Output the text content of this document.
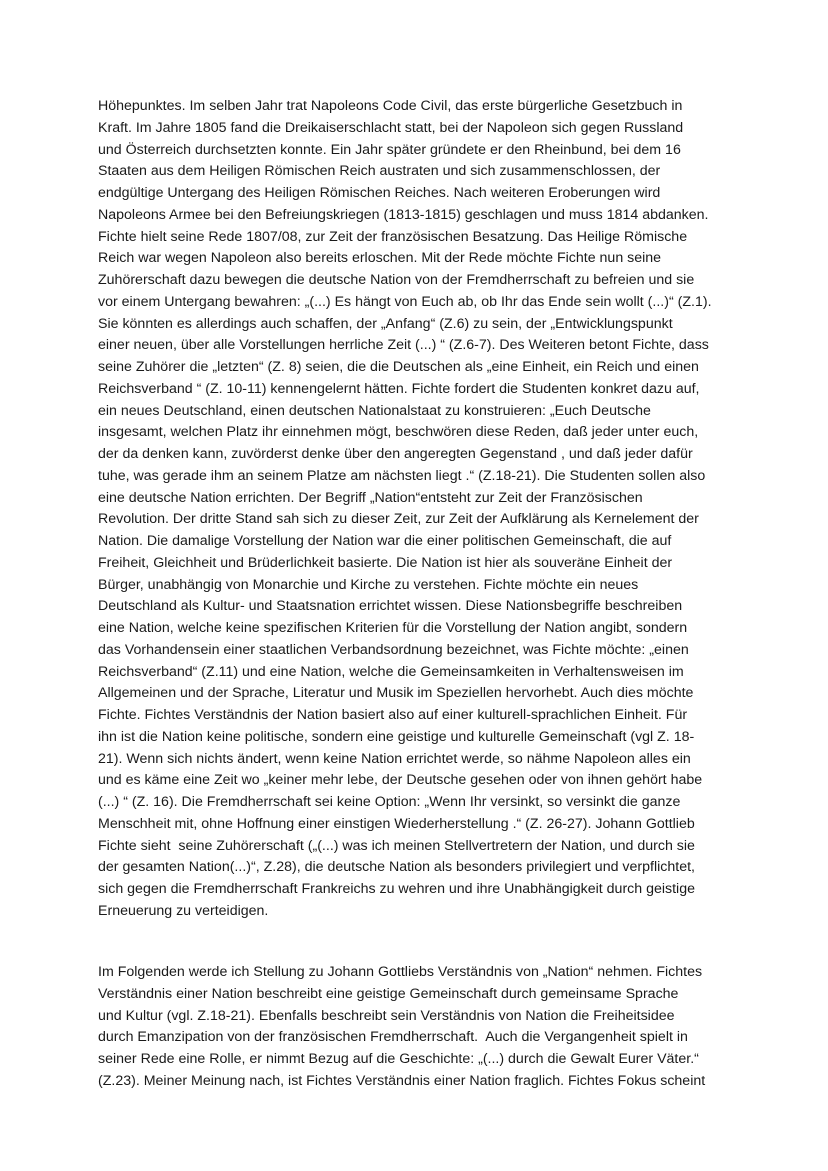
Höhepunktes. Im selben Jahr trat Napoleons Code Civil, das erste bürgerliche Gesetzbuch in
Kraft. Im Jahre 1805 fand die Dreikaiserschlacht statt, bei der Napoleon sich gegen Russland
und Österreich durchsetzten konnte. Ein Jahr später gründete er den Rheinbund, bei dem 16
Staaten aus dem Heiligen Römischen Reich austraten und sich zusammenschlossen, der
endgültige Untergang des Heiligen Römischen Reiches. Nach weiteren Eroberungen wird
Napoleons Armee bei den Befreiungskriegen (1813-1815) geschlagen und muss 1814 abdanken.
Fichte hielt seine Rede 1807/08, zur Zeit der französischen Besatzung. Das Heilige Römische
Reich war wegen Napoleon also bereits erloschen. Mit der Rede möchte Fichte nun seine
Zuhörerschaft dazu bewegen die deutsche Nation von der Fremdherrschaft zu befreien und sie
vor einem Untergang bewahren: „(...) Es hängt von Euch ab, ob Ihr das Ende sein wollt (...)“ (Z.1).
Sie könnten es allerdings auch schaffen, der „Anfang“ (Z.6) zu sein, der „Entwicklungspunkt
einer neuen, über alle Vorstellungen herrliche Zeit (...) “ (Z.6-7). Des Weiteren betont Fichte, dass
seine Zuhörer die „letzten“ (Z. 8) seien, die die Deutschen als „eine Einheit, ein Reich und einen
Reichsverband “ (Z. 10-11) kennengelernt hätten. Fichte fordert die Studenten konkret dazu auf,
ein neues Deutschland, einen deutschen Nationalstaat zu konstruieren: „Euch Deutsche
insgesamt, welchen Platz ihr einnehmen mögt, beschwören diese Reden, daß jeder unter euch,
der da denken kann, zuvörderst denke über den angeregten Gegenstand , und daß jeder dafür
tuhe, was gerade ihm an seinem Platze am nächsten liegt .“ (Z.18-21). Die Studenten sollen also
eine deutsche Nation errichten. Der Begriff „Nation“entsteht zur Zeit der Französischen
Revolution. Der dritte Stand sah sich zu dieser Zeit, zur Zeit der Aufklärung als Kernelement der
Nation. Die damalige Vorstellung der Nation war die einer politischen Gemeinschaft, die auf
Freiheit, Gleichheit und Brüderlichkeit basierte. Die Nation ist hier als souveräne Einheit der
Bürger, unabhängig von Monarchie und Kirche zu verstehen. Fichte möchte ein neues
Deutschland als Kultur- und Staatsnation errichtet wissen. Diese Nationsbegriffe beschreiben
eine Nation, welche keine spezifischen Kriterien für die Vorstellung der Nation angibt, sondern
das Vorhandensein einer staatlichen Verbandsordnung bezeichnet, was Fichte möchte: „einen
Reichsverband“ (Z.11) und eine Nation, welche die Gemeinsamkeiten in Verhaltensweisen im
Allgemeinen und der Sprache, Literatur und Musik im Speziellen hervorhebt. Auch dies möchte
Fichte. Fichtes Verständnis der Nation basiert also auf einer kulturell-sprachlichen Einheit. Für
ihn ist die Nation keine politische, sondern eine geistige und kulturelle Gemeinschaft (vgl Z. 18-
21). Wenn sich nichts ändert, wenn keine Nation errichtet werde, so nähme Napoleon alles ein
und es käme eine Zeit wo „keiner mehr lebe, der Deutsche gesehen oder von ihnen gehört habe
(...) “ (Z. 16). Die Fremdherrschaft sei keine Option: „Wenn Ihr versinkt, so versinkt die ganze
Menschheit mit, ohne Hoffnung einer einstigen Wiederherstellung .“ (Z. 26-27). Johann Gottlieb
Fichte sieht  seine Zuhörerschaft („(...) was ich meinen Stellvertretern der Nation, und durch sie
der gesamten Nation(...)“, Z.28), die deutsche Nation als besonders privilegiert und verpflichtet,
sich gegen die Fremdherrschaft Frankreichs zu wehren und ihre Unabhängigkeit durch geistige
Erneuerung zu verteidigen.
Im Folgenden werde ich Stellung zu Johann Gottliebs Verständnis von „Nation“ nehmen. Fichtes
Verständnis einer Nation beschreibt eine geistige Gemeinschaft durch gemeinsame Sprache
und Kultur (vgl. Z.18-21). Ebenfalls beschreibt sein Verständnis von Nation die Freiheitsidee
durch Emanzipation von der französischen Fremdherrschaft.  Auch die Vergangenheit spielt in
seiner Rede eine Rolle, er nimmt Bezug auf die Geschichte: „(...) durch die Gewalt Eurer Väter.“
(Z.23). Meiner Meinung nach, ist Fichtes Verständnis einer Nation fraglich. Fichtes Fokus scheint
